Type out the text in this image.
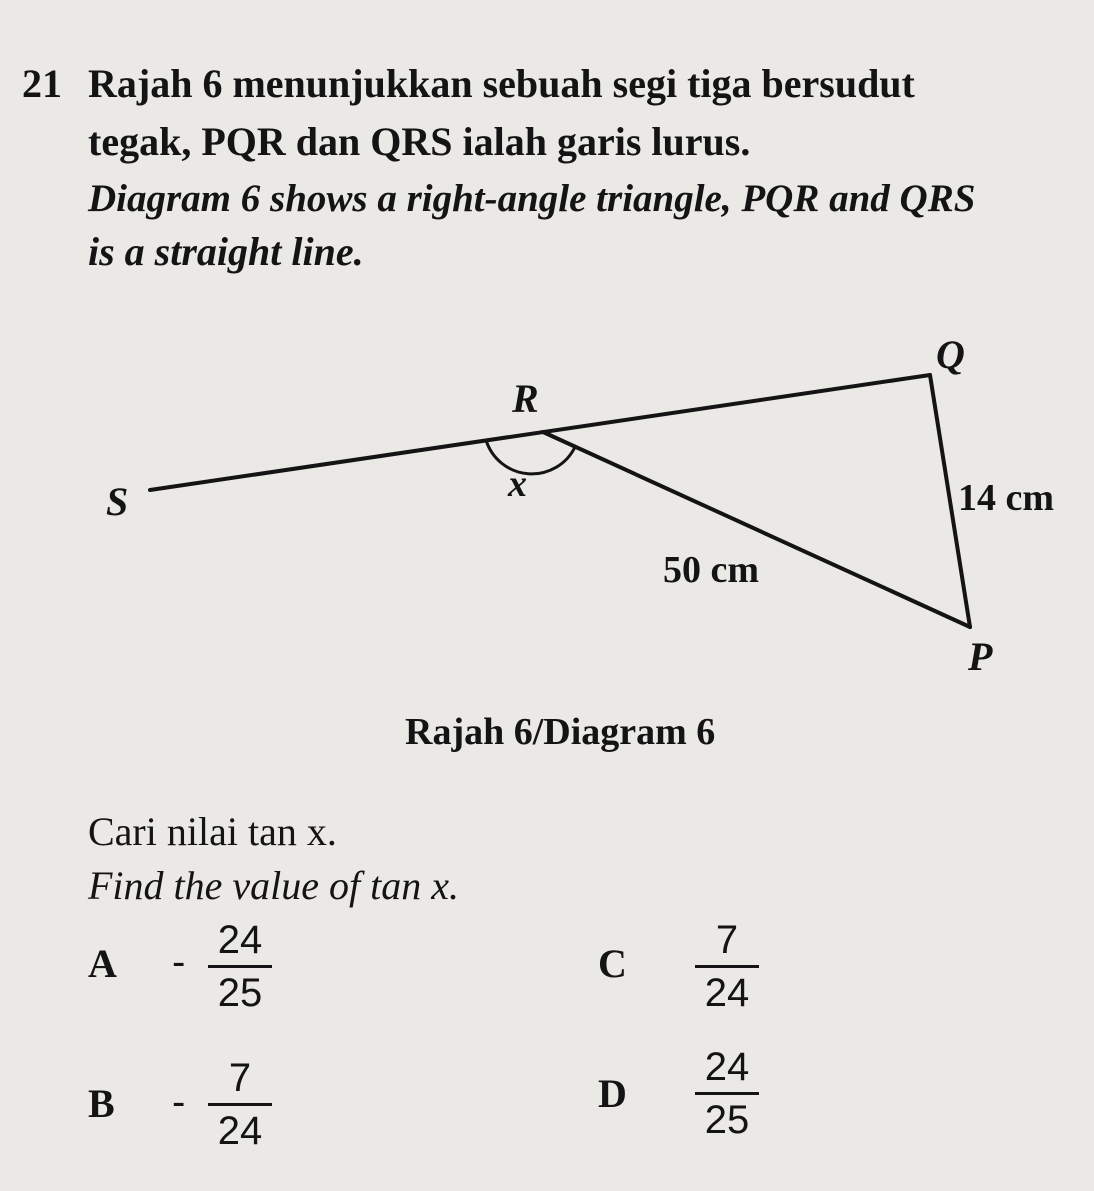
21 Rajah 6 menunjukkan sebuah segi tiga bersudut
tegak, PQR dan QRS ialah garis lurus.
Diagram 6 shows a right-angle triangle, PQR and QRS
is a straight line.
Q
R
S	x	14 cm
50 cm
P
Rajah 6/Diagram 6
Cari nilai tan x.
Find the value of tan x.
A - 24
25
B -
7
24
C
7
24
D
24
25
